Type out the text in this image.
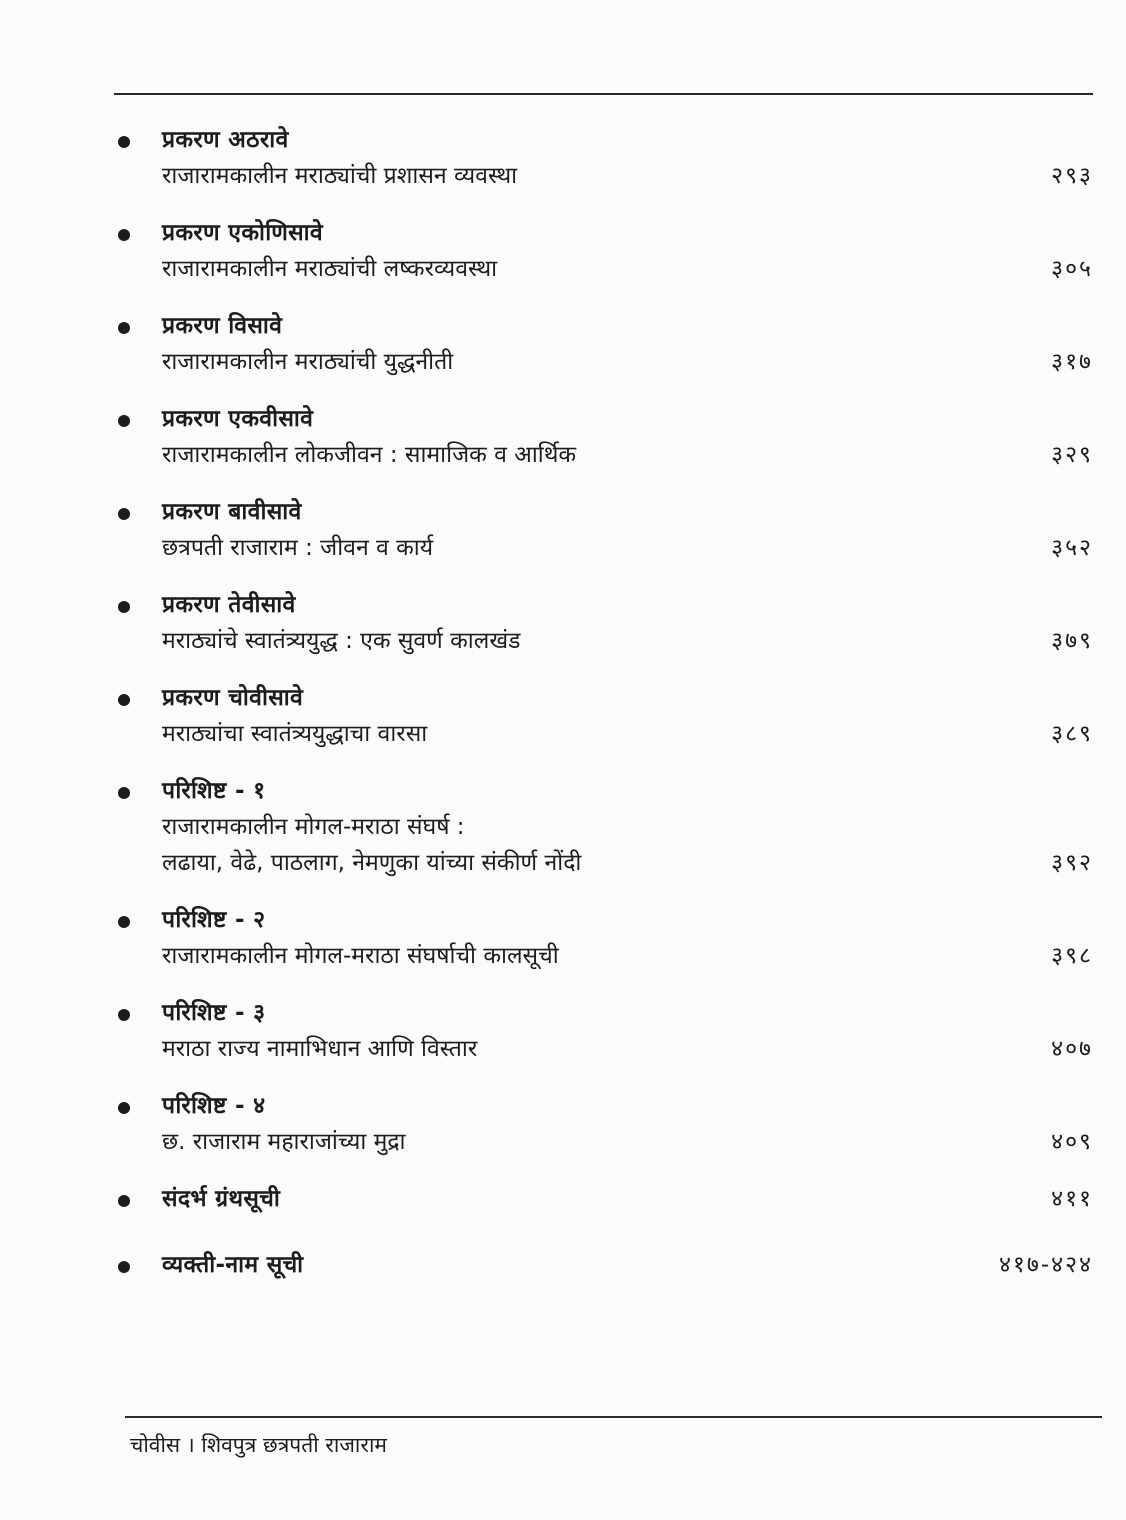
प्रकरण अठरावे
राजारामकालीन मराठ्यांची प्रशासन व्यवस्था	२९३
प्रकरण एकोणिसावे
राजारामकालीन मराठ्यांची लष्करव्यवस्था	३०५
प्रकरण विसावे
राजारामकालीन मराठ्यांची युद्धनीती	३१७
प्रकरण एकवीसावे
राजारामकालीन लोकजीवन : सामाजिक व आर्थिक	३२९
प्रकरण बावीसावे
छत्रपती राजाराम : जीवन व कार्य	३५२
प्रकरण तेवीसावे
मराठ्यांचे स्वातंत्र्ययुद्ध : एक सुवर्ण कालखंड	३७९
प्रकरण चोवीसावे
मराठ्यांचा स्वातंत्र्ययुद्धाचा वारसा	३८९
परिशिष्ट - १
राजारामकालीन मोगल-मराठा संघर्ष :
लढाया, वेढे, पाठलाग, नेमणुका यांच्या संकीर्ण नोंदी	३९२
परिशिष्ट - २
राजारामकालीन मोगल-मराठा संघर्षाची कालसूची	३९८
परिशिष्ट - ३
मराठा राज्य नामाभिधान आणि विस्तार	४०७
परिशिष्ट - ४
छ. राजाराम महाराजांच्या मुद्रा	४०९
संदर्भ ग्रंथसूची	४११
व्यक्ती-नाम सूची	४१७-४२४
चोवीस । शिवपुत्र छत्रपती राजाराम
